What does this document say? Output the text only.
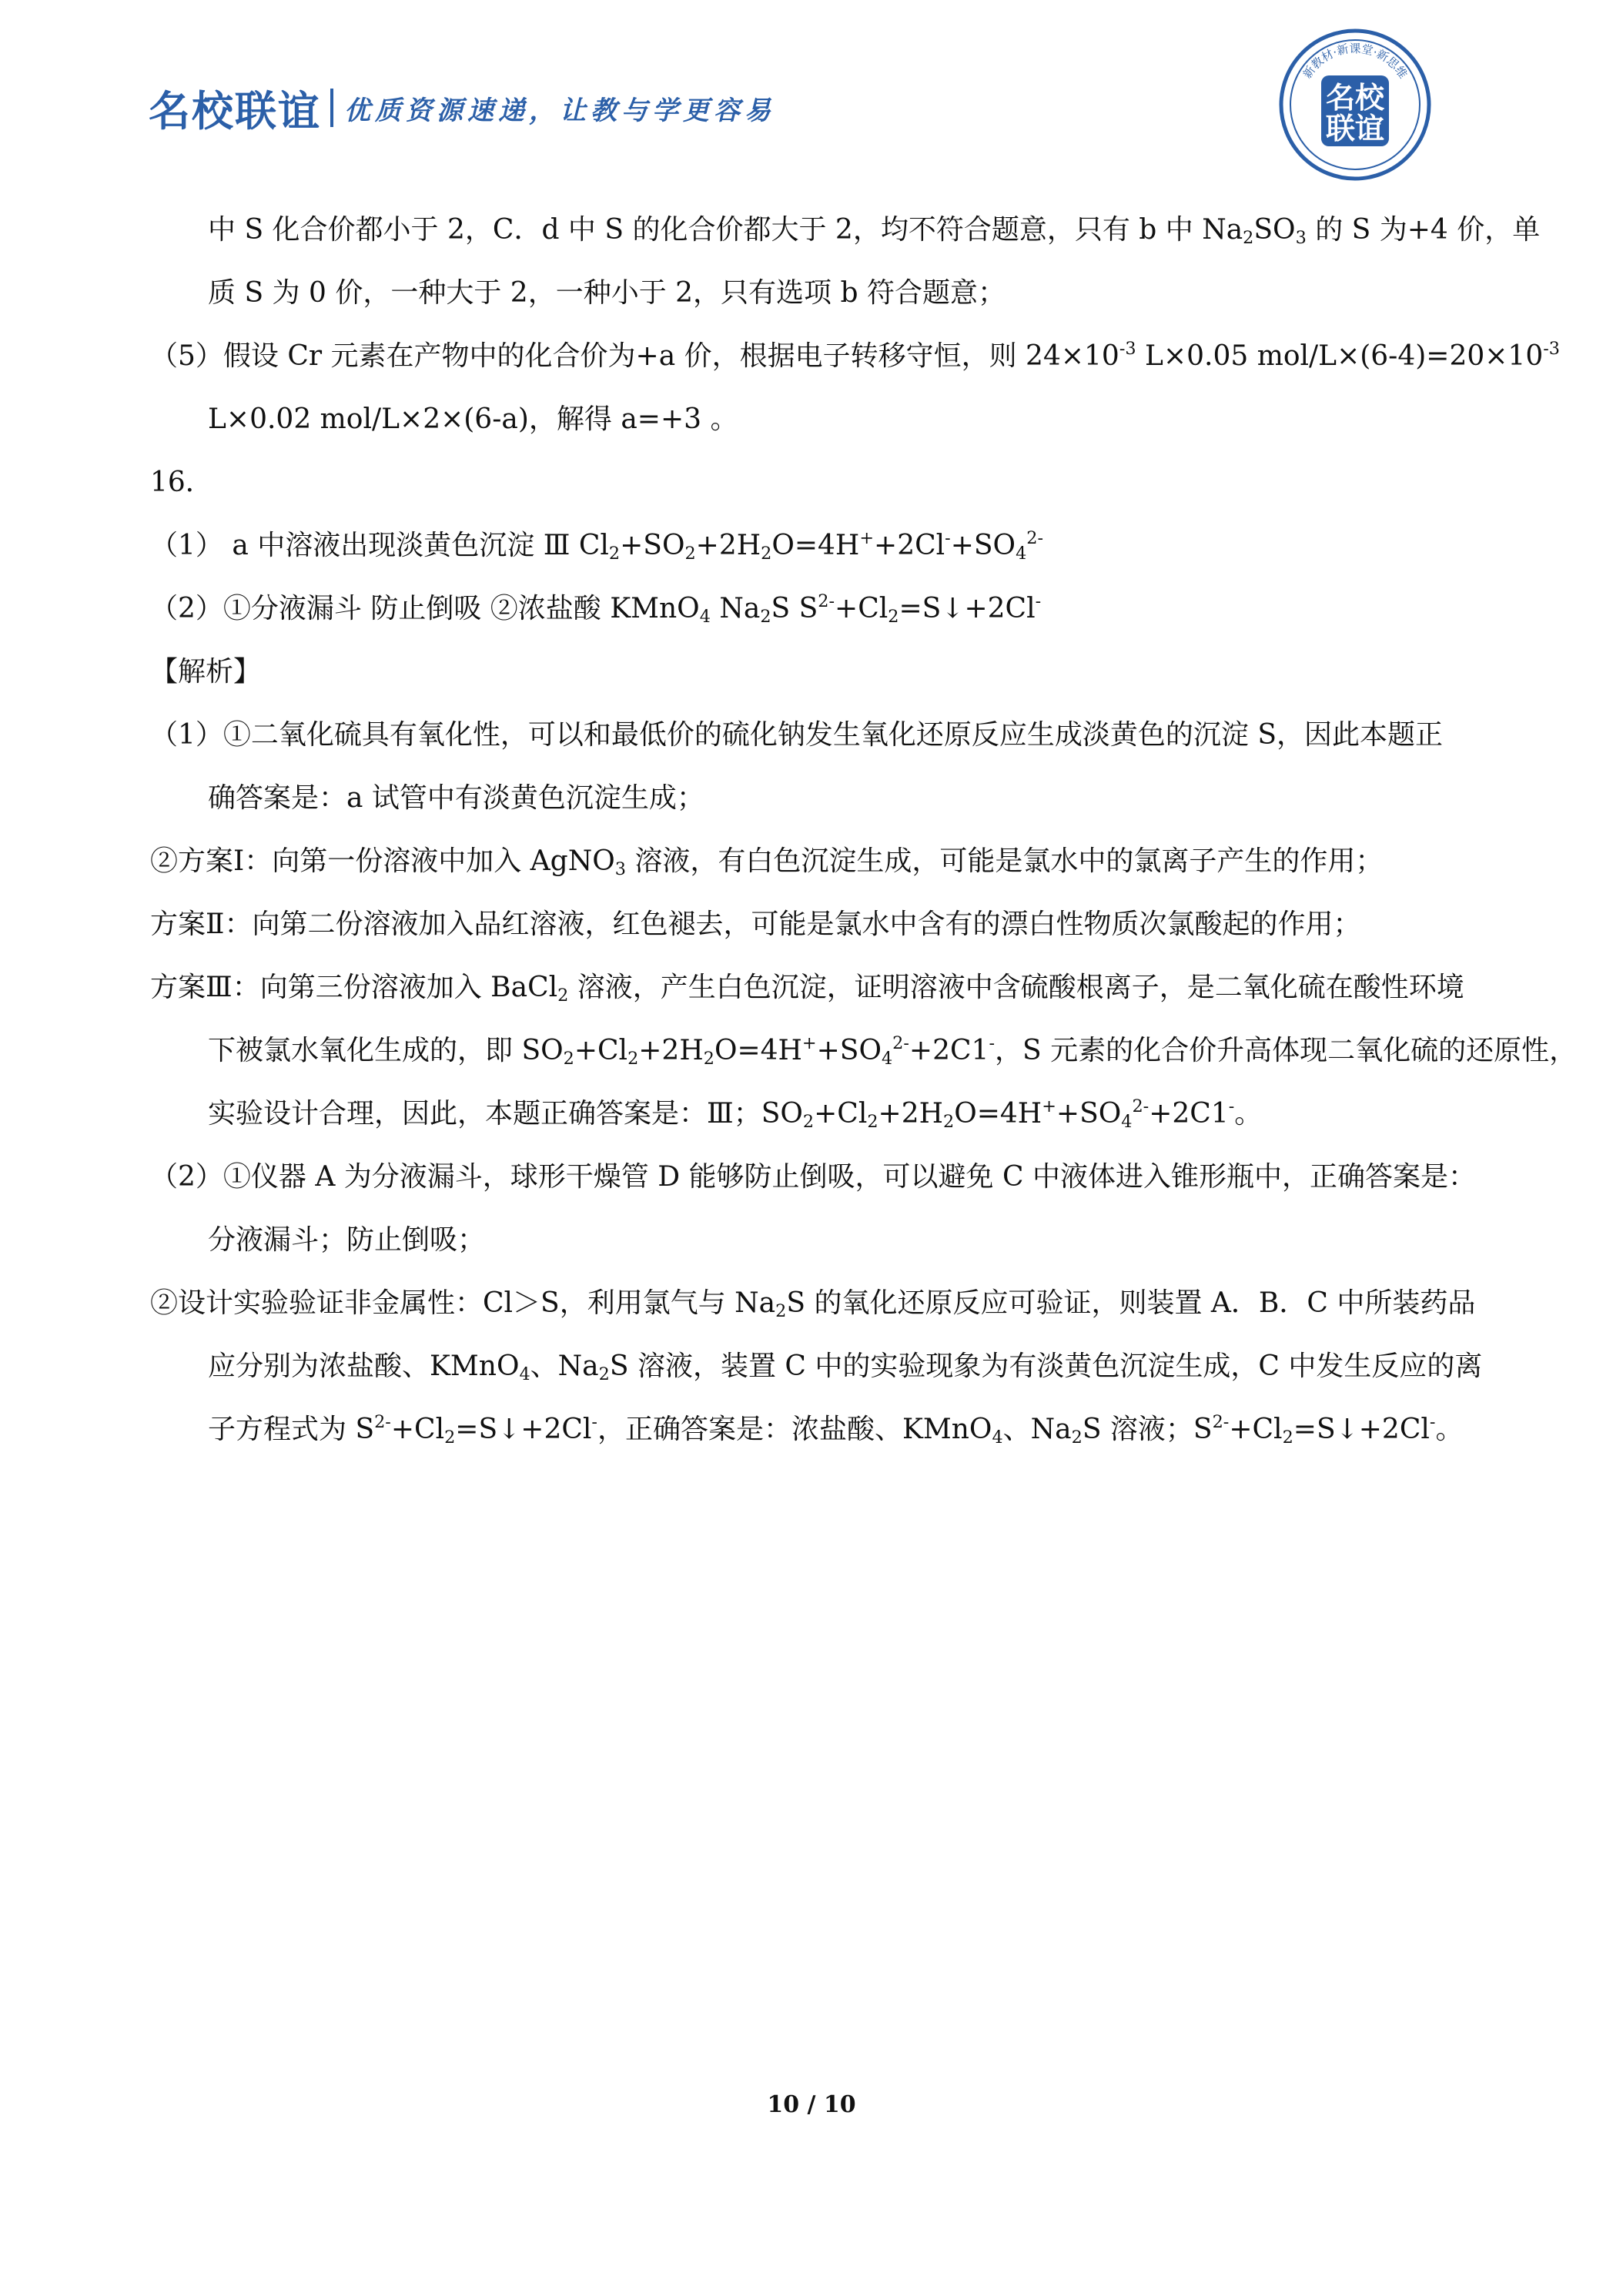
名校联谊 优质资源速递，让教与学更容易
新教材·新课堂·新思维
名校
联谊
中 S 化合价都小于 2，C．d 中 S 的化合价都大于 2，均不符合题意，只有 b 中 $Na_2SO_3$ 的 S 为+4 价，单
质 S 为 0 价，一种大于 2，一种小于 2，只有选项 b 符合题意；
（5）假设 Cr 元素在产物中的化合价为+a 价，根据电子转移守恒，则 $24\times 10^{-3}$ L×0.05 mol/$L\times(6-4)=20\times 10^{-3}$
L×0.02 mol/L×2×(6-a)，解得 a=+3 。
16．
（1） a 中溶液出现淡黄色沉淀 Ⅲ $Cl_2+SO_2+2H_2O=4H^++2Cl^-+SO_4^{2-}$
（2）①分液漏斗 防止倒吸 ②浓盐酸 KMnO$_4$ $Na_2S$ $S^{2-}+Cl_2=S↓+2Cl^-$
【解析】
（1）①二氧化硫具有氧化性，可以和最低价的硫化钠发生氧化还原反应生成淡黄色的沉淀 S，因此本题正
确答案是：a 试管中有淡黄色沉淀生成；
②方案Ⅰ：向第一份溶液中加入 AgNO$_3$ 溶液，有白色沉淀生成，可能是氯水中的氯离子产生的作用；
方案Ⅱ：向第二份溶液加入品红溶液，红色褪去，可能是氯水中含有的漂白性物质次氯酸起的作用；
方案Ⅲ：向第三份溶液加入 BaCl$_2$ 溶液，产生白色沉淀，证明溶液中含硫酸根离子，是二氧化硫在酸性环境
下被氯水氧化生成的，即 $SO_2+Cl_2+2H_2O=4H^++SO_4^{2-}+2C1^-$，S 元素的化合价升高体现二氧化硫的还原性，
实验设计合理，因此，本题正确答案是：Ⅲ；$SO_2+Cl_2+2H_2O=4H^++SO_4^{2-}+2C1^-$。
（2）①仪器 A 为分液漏斗，球形干燥管 D 能够防止倒吸，可以避免 C 中液体进入锥形瓶中，正确答案是：
分液漏斗；防止倒吸；
②设计实验验证非金属性：Cl＞S，利用氯气与 $Na_2S$ 的氧化还原反应可验证，则装置 A．B．C 中所装药品
应分别为浓盐酸、KMnO$_4$、$Na_2S$ 溶液，装置 C 中的实验现象为有淡黄色沉淀生成，C 中发生反应的离
子方程式为 $S^{2-}+Cl_2=S↓+2Cl^-$，正确答案是：浓盐酸、KMnO$_4$、$Na_2S$ 溶液；$S^{2-}+Cl_2=S↓+2Cl^-$。
10 / 10
